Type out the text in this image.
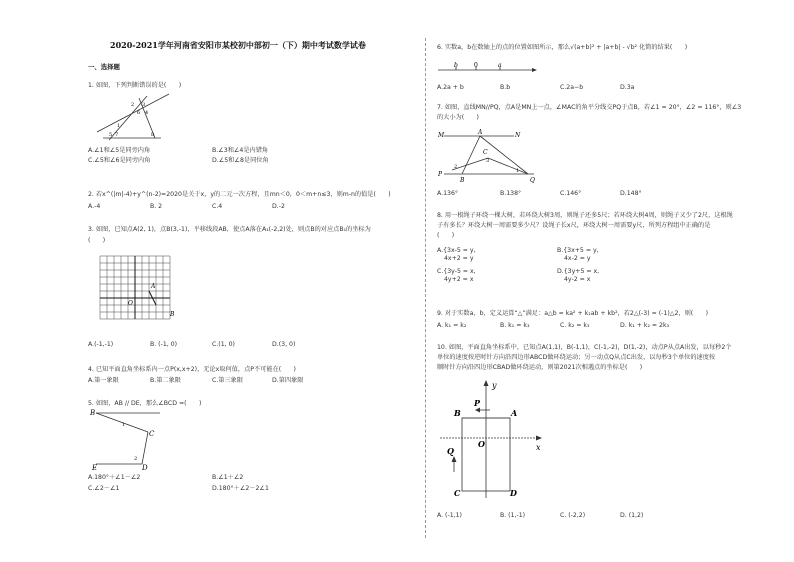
2020-2021学年河南省安阳市某校初中部初一（下）期中考试数学试卷
一、选择题
1. 如图，下列判断错误的是(　　)
1
2 3
4
5
6
7	8
A.∠1和∠5是同旁内角	B.∠3和∠4是内错角
C.∠5和∠6是同旁内角	D.∠5和∠8是同位角
2. 若x^(|m|-4)+y^(n-2)=2020是关于x，y的二元一次方程，且mn＜0，0＜m+n≤3，则m-n的值是(　　)
A.-4	B. 2	C.4	D.-2
3. 如图，已知点A(2, 1)，点B(3,-1)，平移线段AB，使点A落在A₁(-2,2)处，则点B的对应点B₁的坐标为
(　　)
O
A
B
A.(-1,-1)	B. (-1, 0)	C.(1, 0)	D.(3, 0)
4. 已知平面直角坐标系内一点P(x,x+2)，无论x取何值，点P不可能在(　　)
A.第一象限	B.第二象限	C.第三象限	D.第四象限
5. 如图，AB // DE，那么∠BCD =(　　)
B
C
D
E
1
2
A.180°＋∠1－∠2	B.∠1＋∠2
C.∠2－∠1	D.180°＋∠2－2∠1
6. 实数a，b在数轴上的点的位置如图所示，那么√(a+b)² + |a+b| - √b² 化简的结果(　　)
b	0	a
A.2a + b	B.b	C.2a−b	D.3a
7. 如图，直线MN//PQ，点A是MN上一点，∠MAC的角平分线交PQ于点B，若∠1 = 20°，∠2 = 116°，则∠3
的大小为(　　)
M	A	N
C
P
B	Q
1
2
3
A.136°	B.138°	C.146°	D.148°
8. 用一根绳子环绕一棵大树，若环绕大树3周，则绳子还多5尺；若环绕大树4周，则绳子又少了2尺，这根绳
子有多长？环绕大树一周需要多少尺？设绳子长x尺，环绕大树一周需要y尺，所列方程组中正确的是
(　　)
A.{3x-5 = y,
4x+2 = y
B.{3x+5 = y,
4x-2 = y
C.{3y-5 = x,
4y+2 = x
D.{3y+5 = x,
4y-2 = x
9. 对于实数a，b，定义运算“△”满足：a△b = ka² + k₁ab + kb²，若2△(-3) = (-1)△2，则(　　)
A. k₁ = k₂	B. k₁ = k₃	C. k₂ = k₃	D. k₁ + k₂ = 2k₃
10. 如图，平面直角坐标系中，已知点A(1,1)，B(-1,1)，C(-1,-2)，D(1,-2)，动点P从点A出发，以每秒2个
单位的速度按逆时针方向沿四边形ABCD做环绕运动；另一动点Q从点C出发，以每秒3个单位的速度按
顺时针方向沿四边形CBAD做环绕运动，则第2021次相遇点的坐标是(　　)
y
x
B
P
A
O
Q
C	D
A. (-1,1)	B. (1,-1)	C. (-2,2)	D. (1,2)
